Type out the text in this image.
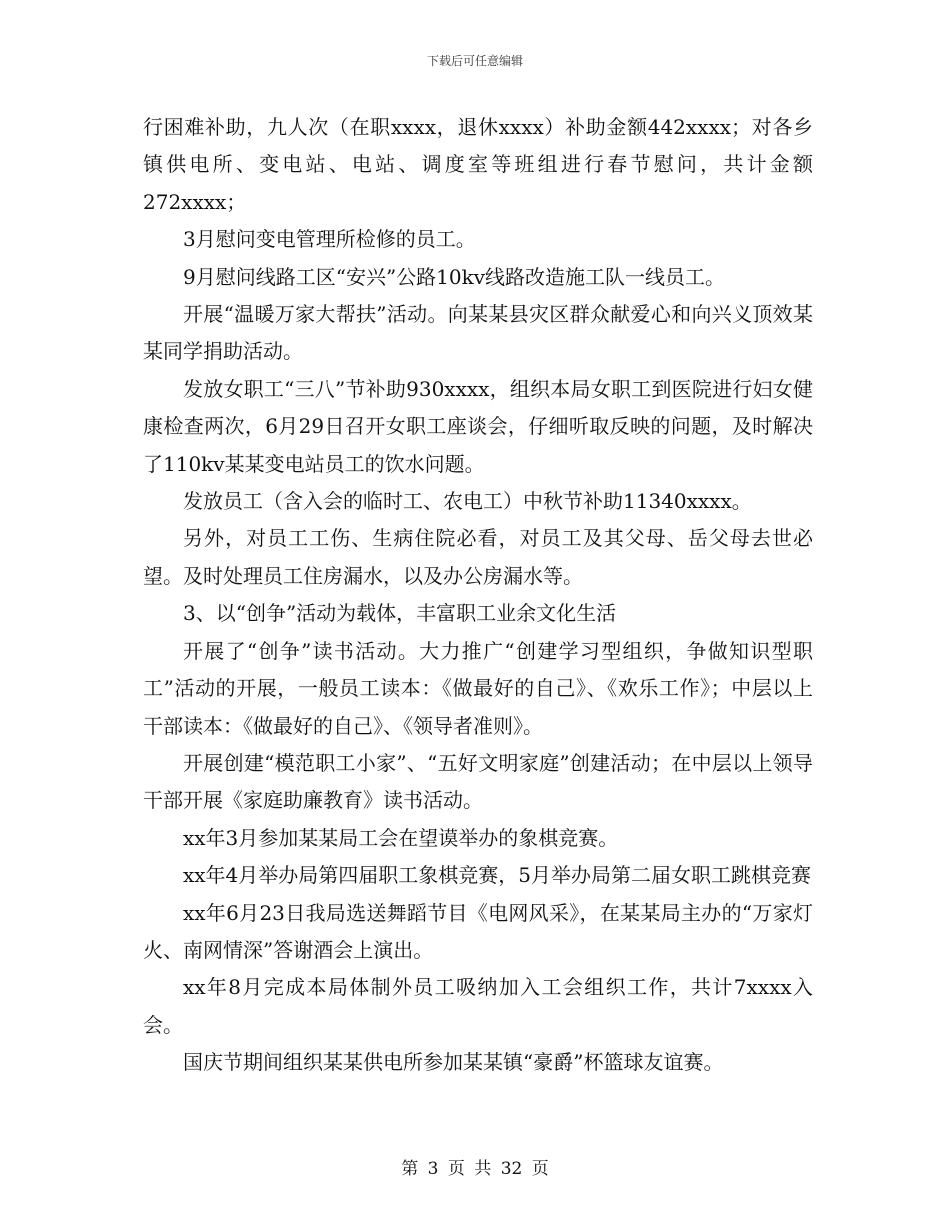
下载后可任意编辑

行困难补助，九人次（在职xxxx，退休xxxx）补助金额442xxxx；对各乡镇供电所、变电站、电站、调度室等班组进行春节慰问，共计金额272xxxx；

3月慰问变电管理所检修的员工。

9月慰问线路工区“安兴”公路10kv线路改造施工队一线员工。

开展“温暖万家大帮扶”活动。向某某县灾区群众献爱心和向兴义顶效某某同学捐助活动。

发放女职工“三八”节补助930xxxx，组织本局女职工到医院进行妇女健康检查两次，6月29日召开女职工座谈会，仔细听取反映的问题，及时解决了110kv某某变电站员工的饮水问题。

发放员工（含入会的临时工、农电工）中秋节补助11340xxxx。

另外，对员工工伤、生病住院必看，对员工及其父母、岳父母去世必望。及时处理员工住房漏水，以及办公房漏水等。

3、以“创争”活动为载体，丰富职工业余文化生活

开展了“创争”读书活动。大力推广“创建学习型组织，争做知识型职工”活动的开展，一般员工读本：《做最好的自己》、《欢乐工作》；中层以上干部读本：《做最好的自己》、《领导者准则》。

开展创建“模范职工小家”、“五好文明家庭”创建活动；在中层以上领导干部开展《家庭助廉教育》读书活动。

xx年3月参加某某局工会在望谟举办的象棋竞赛。

xx年4月举办局第四届职工象棋竞赛，5月举办局第二届女职工跳棋竞赛

xx年6月23日我局选送舞蹈节目《电网风采》，在某某局主办的“万家灯火、南网情深”答谢酒会上演出。

xx年8月完成本局体制外员工吸纳加入工会组织工作，共计7xxxx入会。

国庆节期间组织某某供电所参加某某镇“豪爵”杯篮球友谊赛。

第 3 页 共 32 页
